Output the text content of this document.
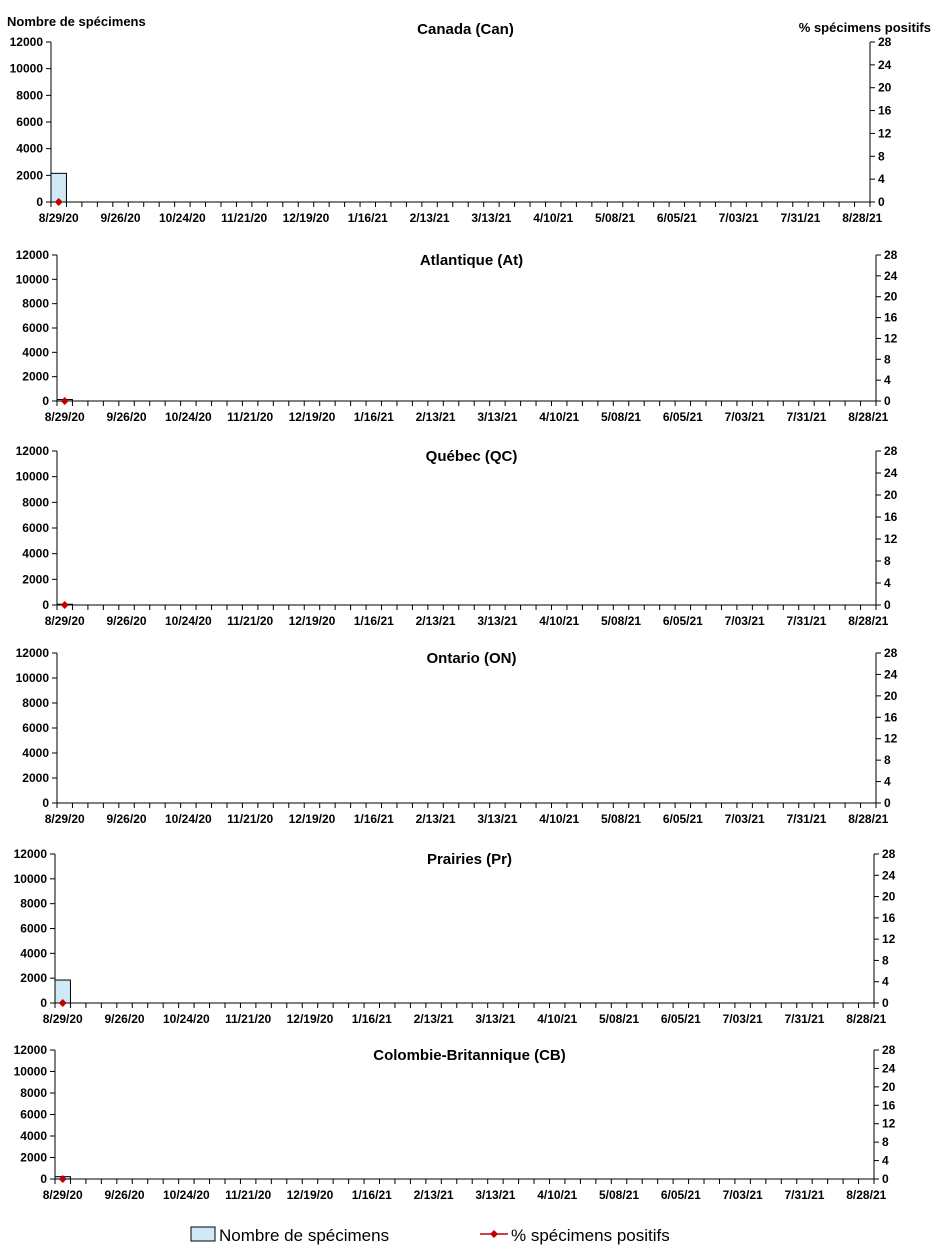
Canada (Can)
Nombre de spécimens	% spécimens positifs
0
2000
4000
6000
8000
10000
12000
0
4
8
12
16
20
24
28
8/29/20 9/26/20 10/24/20 11/21/20 12/19/20 1/16/21 2/13/21 3/13/21 4/10/21 5/08/21 6/05/21 7/03/21 7/31/21 8/28/21
Atlantique (At)
0
2000
4000
6000
8000
10000
12000
0
4
8
12
16
20
24
28
8/29/20 9/26/20 10/24/20 11/21/20 12/19/20 1/16/21 2/13/21 3/13/21 4/10/21 5/08/21 6/05/21 7/03/21 7/31/21 8/28/21
Québec (QC)
0
2000
4000
6000
8000
10000
12000
0
4
8
12
16
20
24
28
8/29/20 9/26/20 10/24/20 11/21/20 12/19/20 1/16/21 2/13/21 3/13/21 4/10/21 5/08/21 6/05/21 7/03/21 7/31/21 8/28/21
Ontario (ON)
0
2000
4000
6000
8000
10000
12000
0
4
8
12
16
20
24
28
8/29/20 9/26/20 10/24/20 11/21/20 12/19/20 1/16/21 2/13/21 3/13/21 4/10/21 5/08/21 6/05/21 7/03/21 7/31/21 8/28/21
Prairies (Pr)
0
2000
4000
6000
8000
10000
12000
0
4
8
12
16
20
24
28
8/29/20 9/26/20 10/24/20 11/21/20 12/19/20 1/16/21 2/13/21 3/13/21 4/10/21 5/08/21 6/05/21 7/03/21 7/31/21 8/28/21
Colombie-Britannique (CB)
0
2000
4000
6000
8000
10000
12000
0
4
8
12
16
20
24
28
8/29/20 9/26/20 10/24/20 11/21/20 12/19/20 1/16/21 2/13/21 3/13/21 4/10/21 5/08/21 6/05/21 7/03/21 7/31/21 8/28/21
Nombre de spécimens	% spécimens positifs
